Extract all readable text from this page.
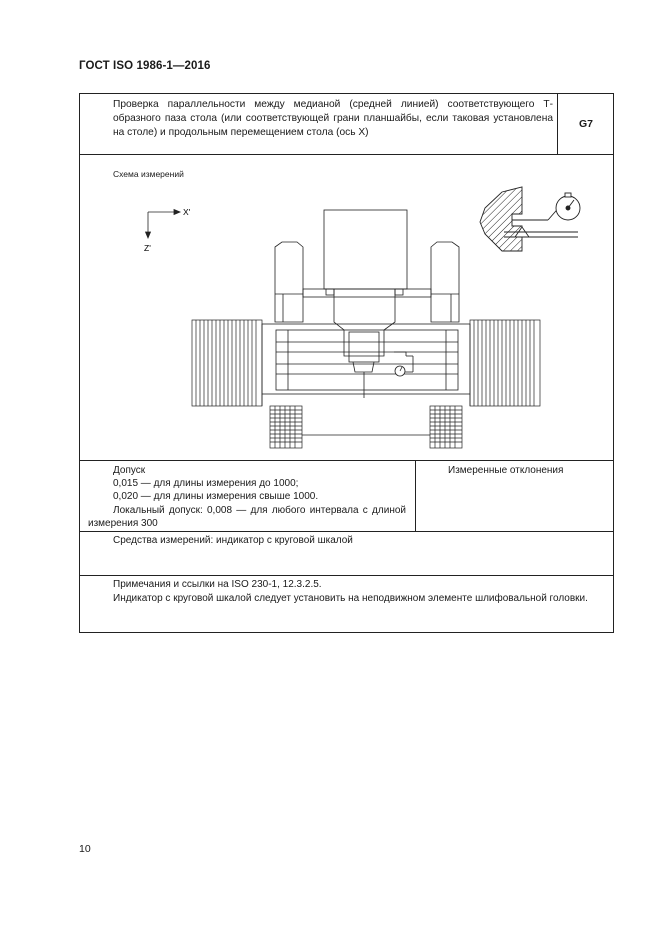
ГОСТ ISO 1986-1—2016
Проверка параллельности между медианой (средней линией) соответствующего Т-образного паза стола (или соответствующей грани планшайбы, если таковая установлена на столе) и продольным перемещением стола (ось X)
G7
Схема измерений
X'
Z'

Допуск

0,015 — для длины измерения до 1000;

0,020 — для длины измерения свыше 1000.

Локальный допуск: 0,008 — для любого интервала с длиной измерения 300

Измеренные отклонения
Средства измерений: индикатор с круговой шкалой

Примечания и ссылки на ISO 230-1, 12.3.2.5.

Индикатор с круговой шкалой следует установить на неподвижном элементе шлифовальной головки.

10
